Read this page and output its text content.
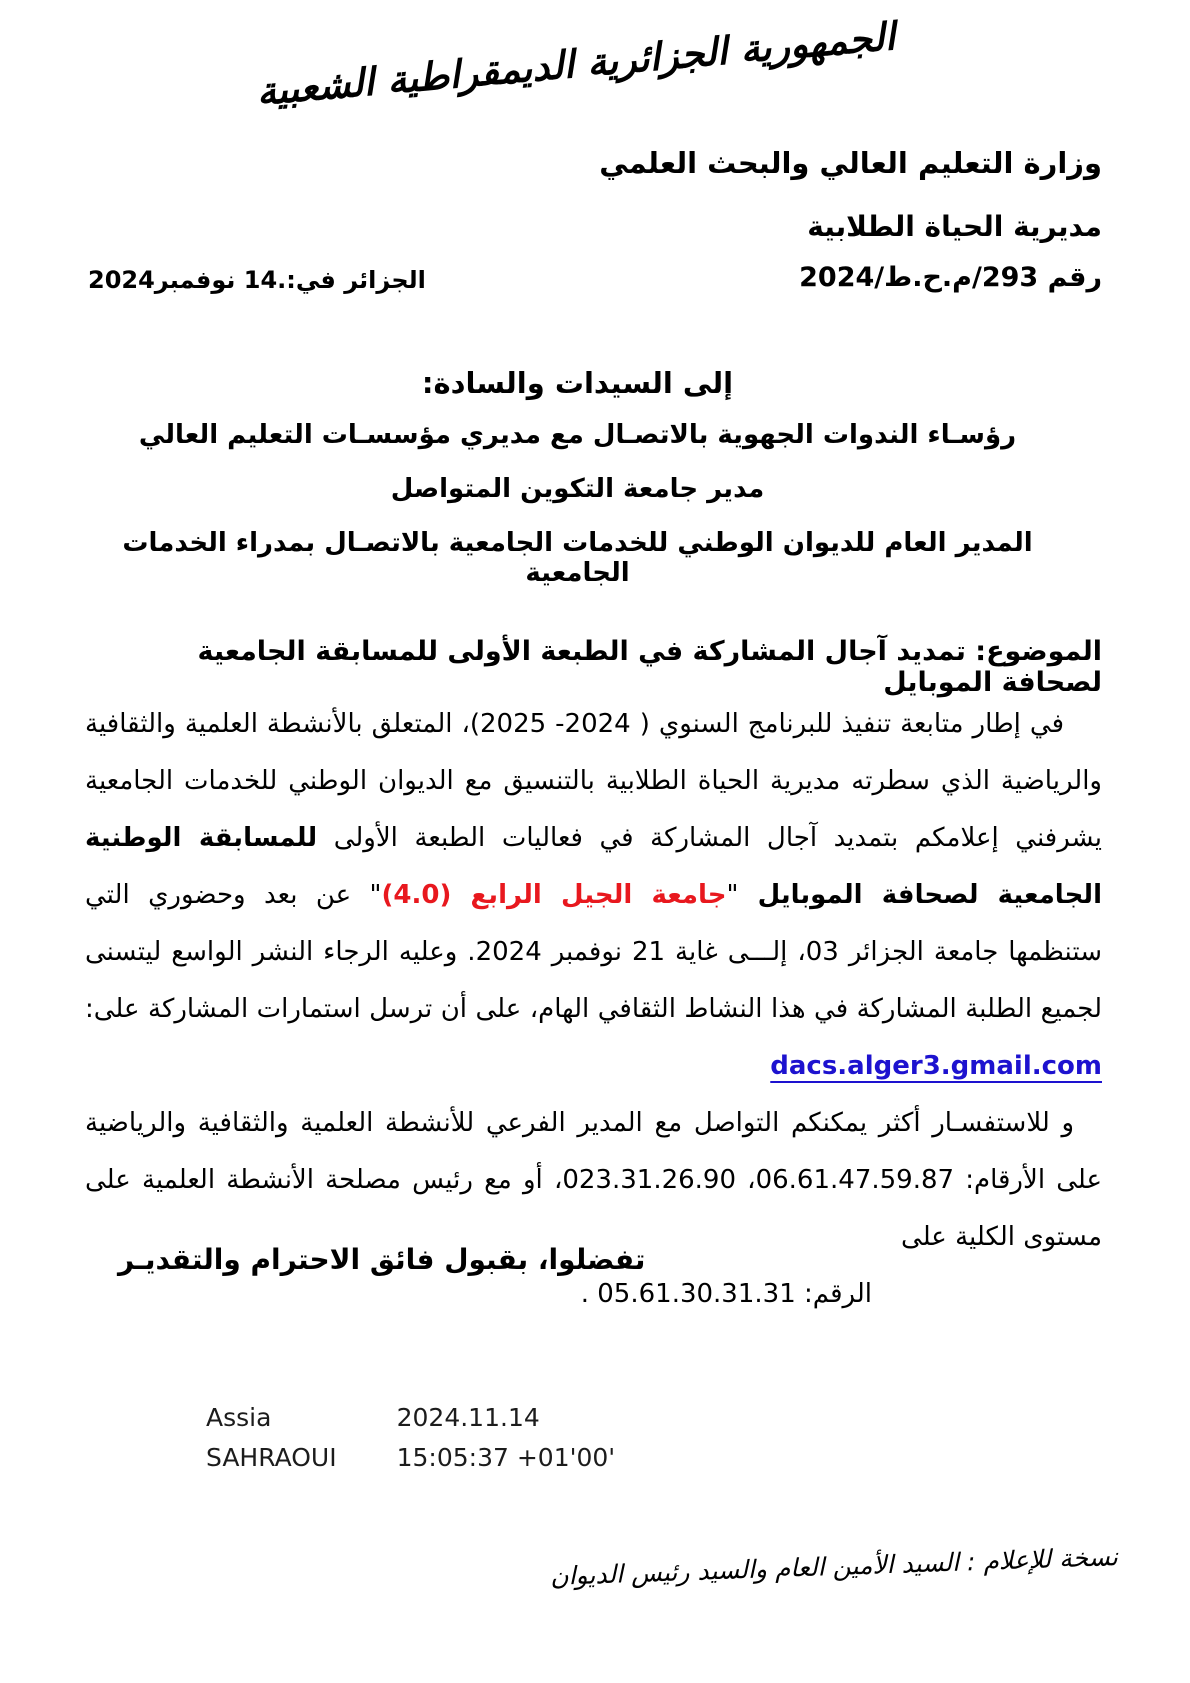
الجمهورية الجزائرية الديمقراطية الشعبية
وزارة التعليم العالي والبحث العلمي
مديرية الحياة الطلابية
رقم 293/م.ح.ط/2024
الجزائر في:.14 نوفمبر2024
إلى السيدات والسادة:
رؤسـاء الندوات الجهوية بالاتصـال مع مديري مؤسسـات التعليم العالي
مدير جامعة التكوين المتواصل
المدير العام للديوان الوطني للخدمات الجامعية بالاتصـال بمدراء الخدمات الجامعية
الموضوع: تمديد آجال المشاركة في الطبعة الأولى للمسابقة الجامعية لصحافة الموبايل

في إطار متابعة تنفيذ للبرنامج السنوي ( 2024- 2025)، المتعلق بالأنشطة العلمية والثقافية والرياضية الذي سطرته مديرية الحياة الطلابية بالتنسيق مع الديوان الوطني للخدمات الجامعية يشرفني إعلامكم بتمديد آجال المشاركة في فعاليات الطبعة الأولى للمسابقة الوطنية الجامعية لصحافة الموبايل "جامعة الجيل الرابع (4.0)" عن بعد وحضوري التي ستنظمها جامعة الجزائر 03، إلـــى غاية 21 نوفمبر 2024. وعليه الرجاء النشر الواسع ليتسنى لجميع الطلبة المشاركة في هذا النشاط الثقافي الهام، على أن ترسل استمارات المشاركة على: dacs.alger3.gmail.com

و للاستفسـار أكثر يمكنكم التواصل مع المدير الفرعي للأنشطة العلمية والثقافية والرياضية على الأرقام: 06.61.47.59.87، 023.31.26.90، أو مع رئيس مصلحة الأنشطة العلمية على مستوى الكلية على

الرقم: 05.61.30.31.31 .

تفضلوا، بقبول فائق الاحترام والتقديـر
Assia
SAHRAOUI
2024.11.14
15:05:37 +01'00'
نسخة للإعلام : السيد الأمين العام والسيد رئيس الديوان
